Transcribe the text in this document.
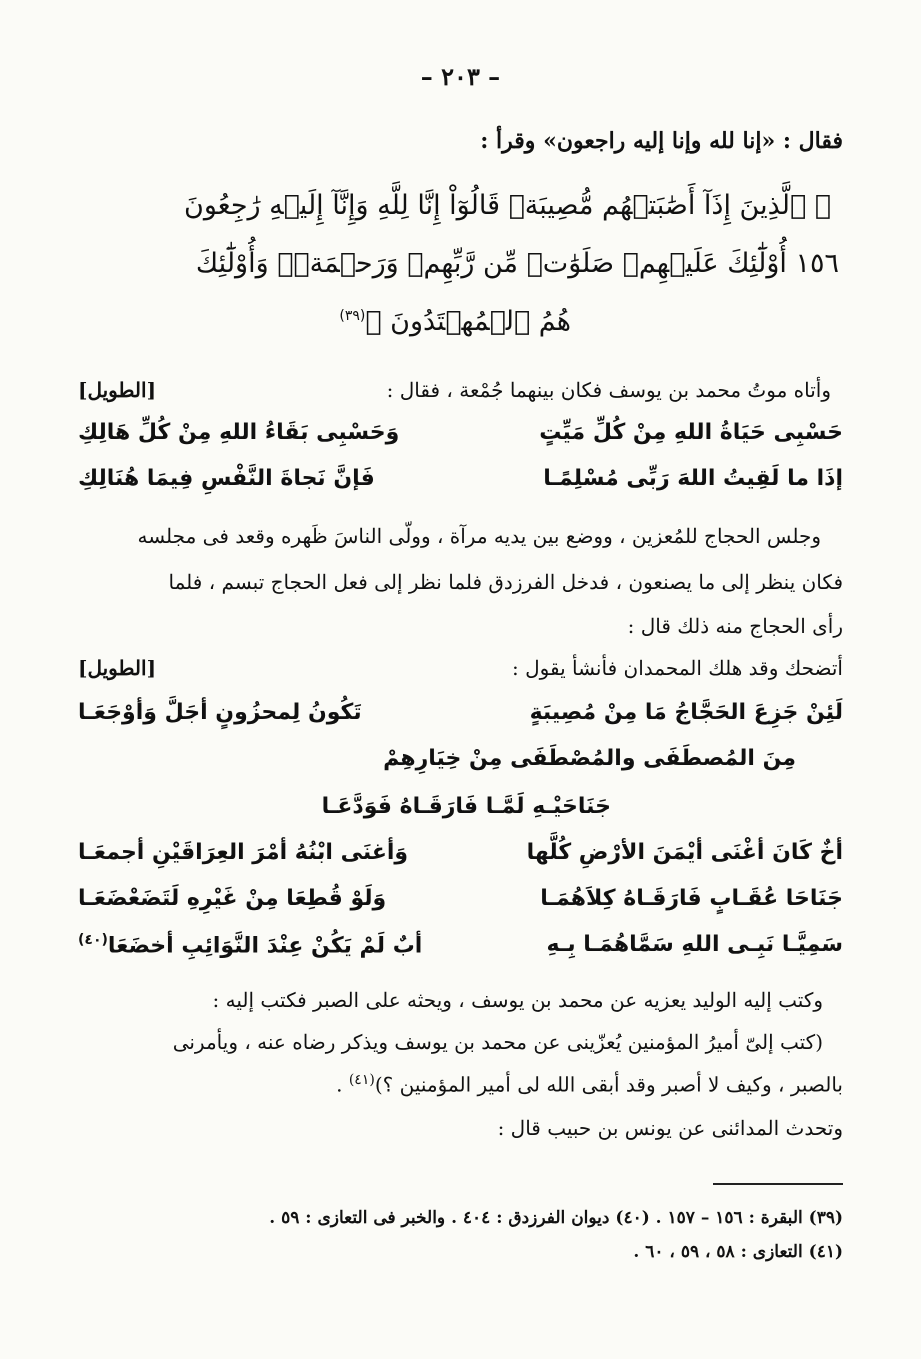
– ٢٠٣ –
فقال : «إنا لله وإنا إليه راجعون» وقرأ :
﴿ ٱلَّذِينَ إِذَآ أَصَٰبَتۡهُم مُّصِيبَةٞ قَالُوٓاْ إِنَّا لِلَّهِ وَإِنَّآ إِلَيۡهِ رَٰجِعُونَ
١٥٦ أُوْلَٰٓئِكَ عَلَيۡهِمۡ صَلَوَٰتٞ مِّن رَّبِّهِمۡ وَرَحۡمَةٞۖ وَأُوْلَٰٓئِكَ
هُمُ ٱلۡمُهۡتَدُونَ ﴾$^{(٣٩)}$
وأتاه موتُ محمد بن يوسف فكان بينهما جُمْعة ، فقال :
[الطويل]
حَسْبِى حَيَاةُ اللهِ مِنْ كُلِّ مَيِّتٍ
وَحَسْبِى بَقَاءُ اللهِ مِنْ كُلِّ هَالِكِ
إذَا ما لَقِيتُ اللهَ رَبِّى مُسْلِمًـا
فَإنَّ نَجاةَ النَّفْسِ فِيمَا هُنَالِكِ
وجلس الحجاج للمُعزين ، ووضع بين يديه مرآة ، وولّى الناسَ ظَهره وقعد فى مجلسه
فكان ينظر إلى ما يصنعون ، فدخل الفرزدق فلما نظر إلى فعل الحجاج تبسم ، فلما
رأى الحجاج منه ذلك قال :
أتضحك وقد هلك المحمدان فأنشأ يقول :
[الطويل]
لَئِنْ جَزِعَ الحَجَّاجُ مَا مِنْ مُصِيبَةٍ
تَكُونُ لِمحزُونٍ أجَلَّ وَأوْجَعَـا
مِنَ المُصطَفَى والمُصْطَفَى مِنْ خِيَارِهِمْ
جَنَاحَيْـهِ لَمَّـا فَارَقَـاهُ فَوَدَّعَـا
أخٌ كَانَ أغْنَى أيْمَنَ الأرْضِ كُلَّها
وَأغنَى ابْنُهُ أمْرَ العِرَاقَيْنِ أجمعَـا
جَنَاحَا عُقَـابٍ فَارَقَـاهُ كِلاَهُمَـا
وَلَوْ قُطِعَا مِنْ غَيْرِهِ لَتَضَعْضَعَـا
سَمِيَّـا نَبِـى اللهِ سَمَّاهُمَـا بِـهِ
أبٌ لَمْ يَكُنْ عِنْدَ النَّوَائِبِ أخضَعَا$^{(٤٠)}$
وكتب إليه الوليد يعزيه عن محمد بن يوسف ، ويحثه على الصبر فكتب إليه :
(كتب إلىّ أميرُ المؤمنين يُعزّينى عن محمد بن يوسف ويذكر رضاه عنه ، ويأمرنى
بالصبر ، وكيف لا أصبر وقد أبقى الله لى أمير المؤمنين ؟)$^{(٤١)}$ .
وتحدث المدائنى عن يونس بن حبيب قال :
(٣٩) البقرة : ١٥٦ – ١٥٧ . (٤٠) ديوان الفرزدق : ٤٠٤ . والخبر فى التعازى : ٥٩ .
(٤١) التعازى : ٥٨ ، ٥٩ ، ٦٠ .
